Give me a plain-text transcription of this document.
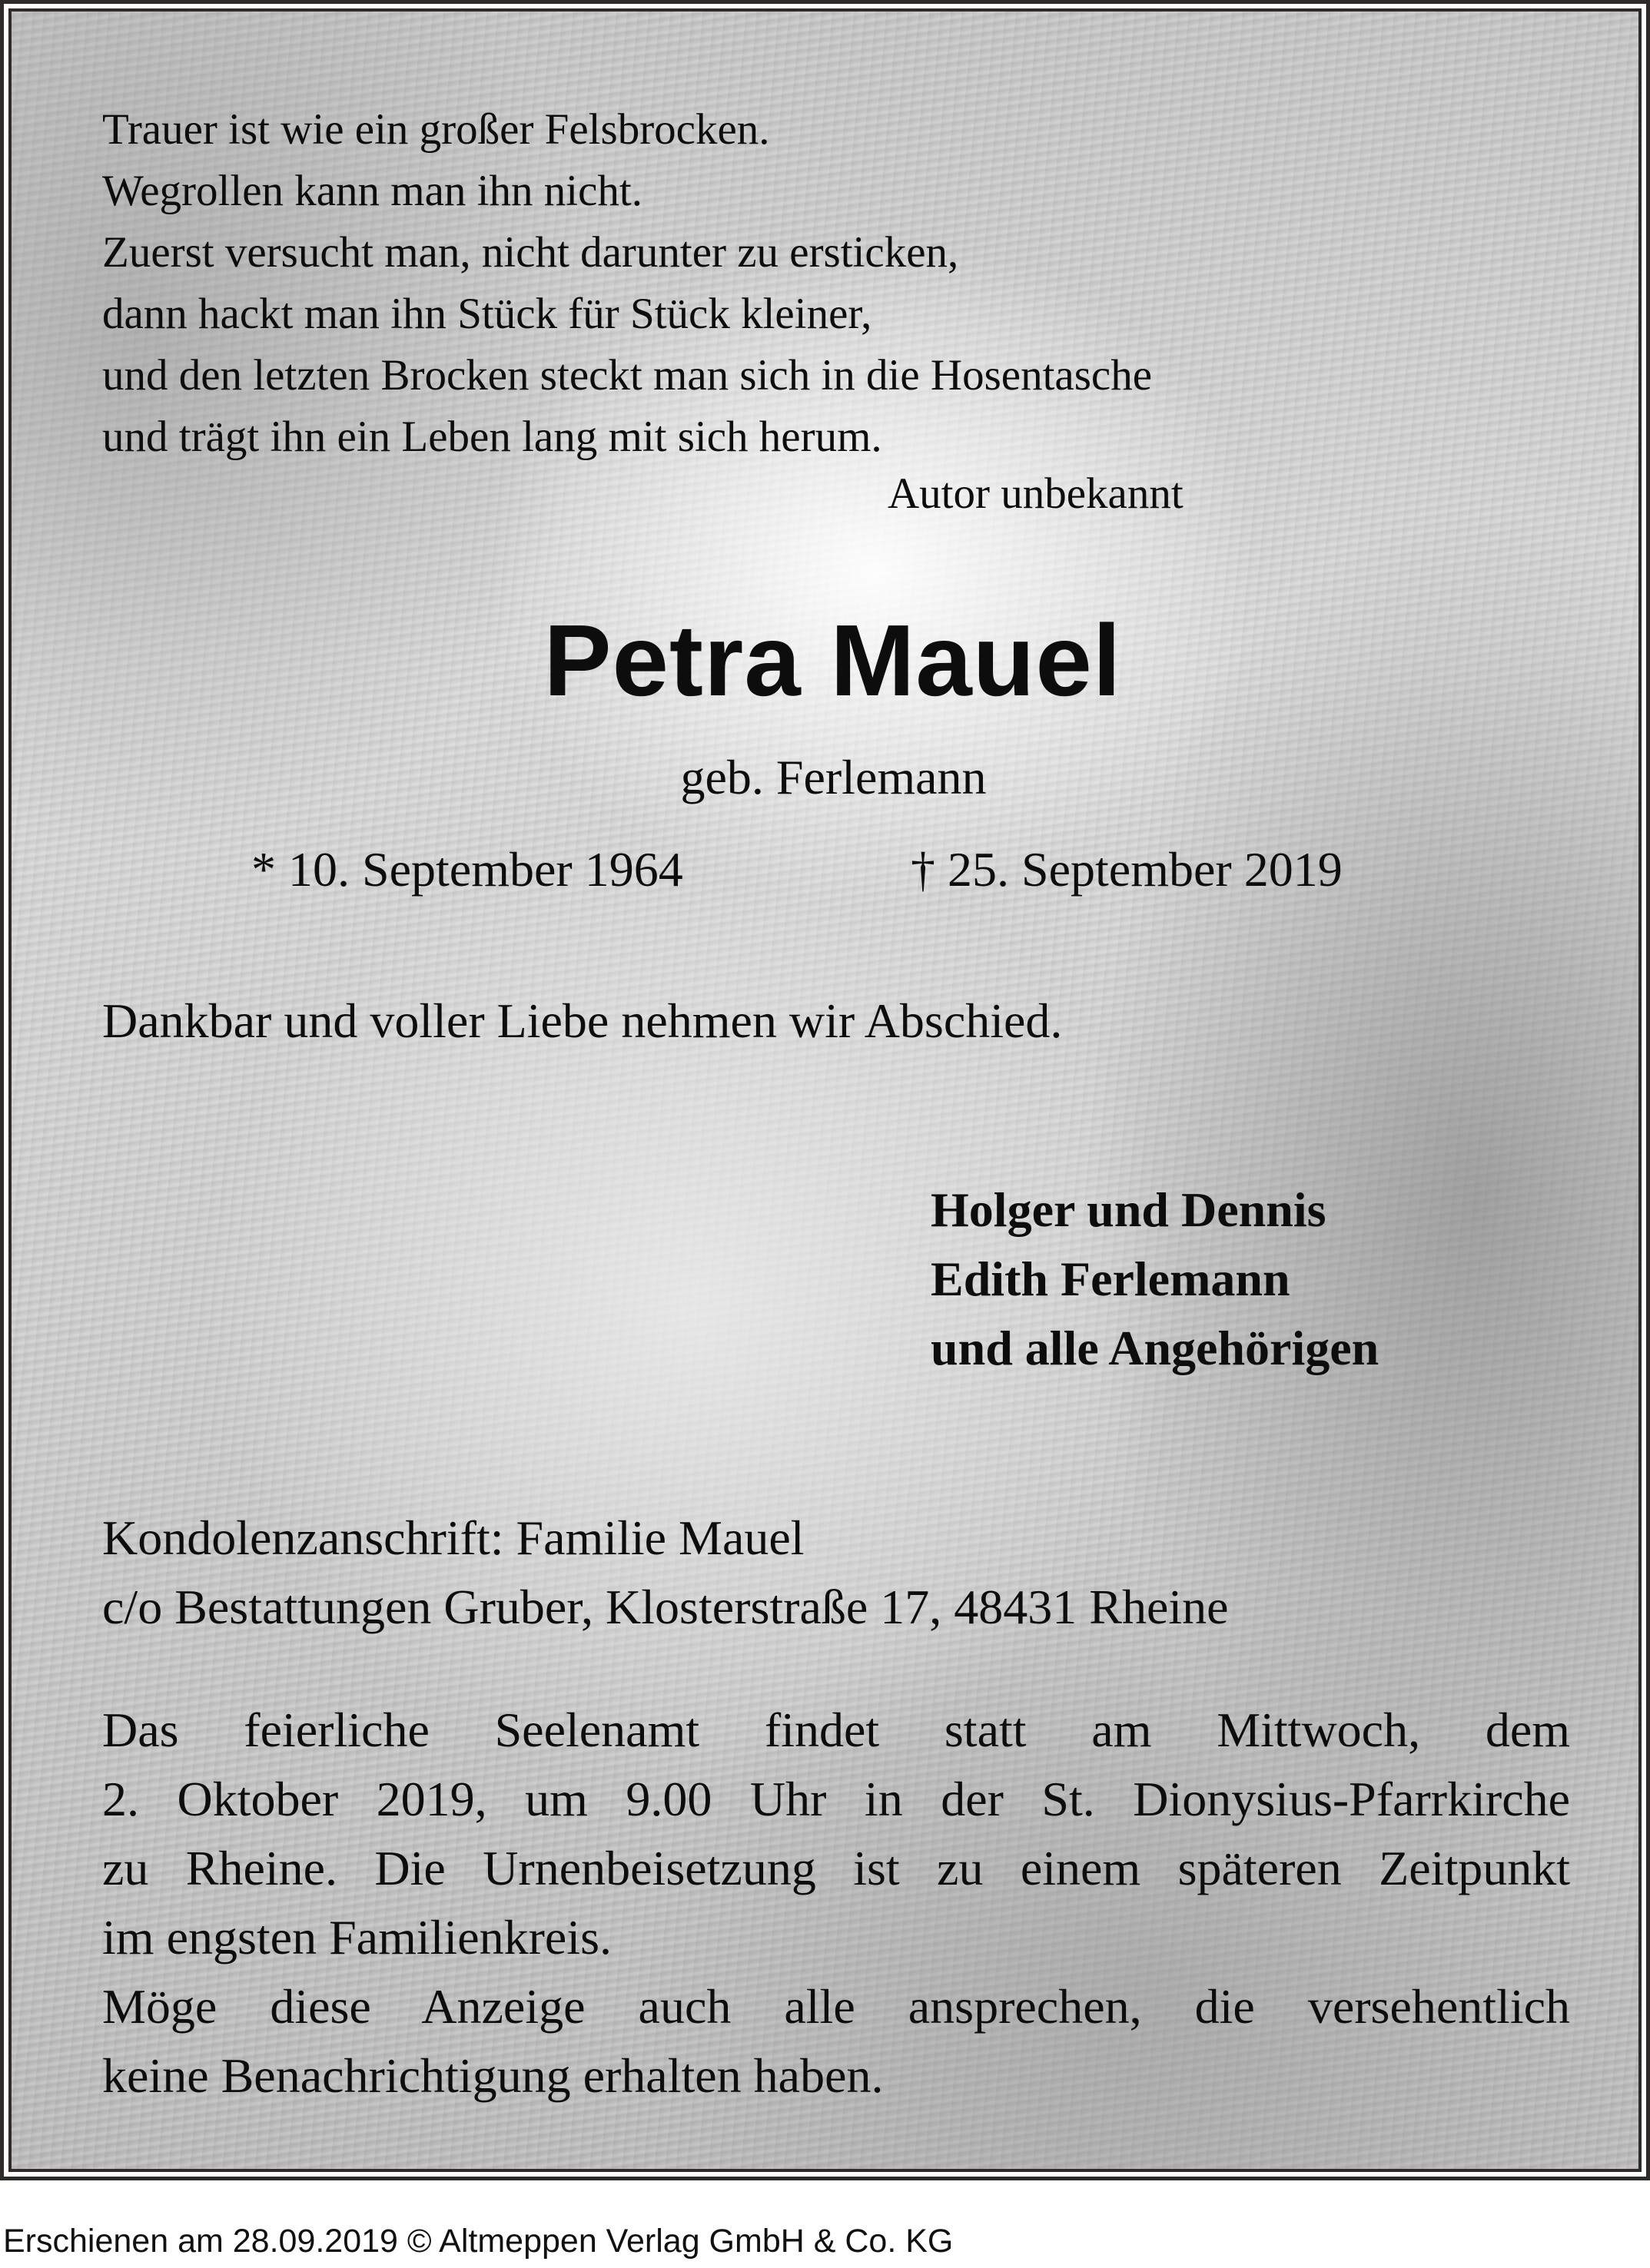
Trauer ist wie ein großer Felsbrocken.
Wegrollen kann man ihn nicht.
Zuerst versucht man, nicht darunter zu ersticken,
dann hackt man ihn Stück für Stück kleiner,
und den letzten Brocken steckt man sich in die Hosentasche
und trägt ihn ein Leben lang mit sich herum.
Autor unbekannt
Petra Mauel
geb. Ferlemann
* 10. September 1964	† 25. September 2019
Dankbar und voller Liebe nehmen wir Abschied.
Holger und Dennis
Edith Ferlemann
und alle Angehörigen
Kondolenzanschrift: Familie Mauel
c/o Bestattungen Gruber, Klosterstraße 17, 48431 Rheine
Das feierliche Seelenamt findet statt am Mittwoch, dem
2. Oktober 2019, um 9.00 Uhr in der St. Dionysius-Pfarrkirche
zu Rheine. Die Urnenbeisetzung ist zu einem späteren Zeitpunkt
im engsten Familienkreis.
Möge diese Anzeige auch alle ansprechen, die versehentlich
keine Benachrichtigung erhalten haben.
Erschienen am 28.09.2019 © Altmeppen Verlag GmbH & Co. KG
